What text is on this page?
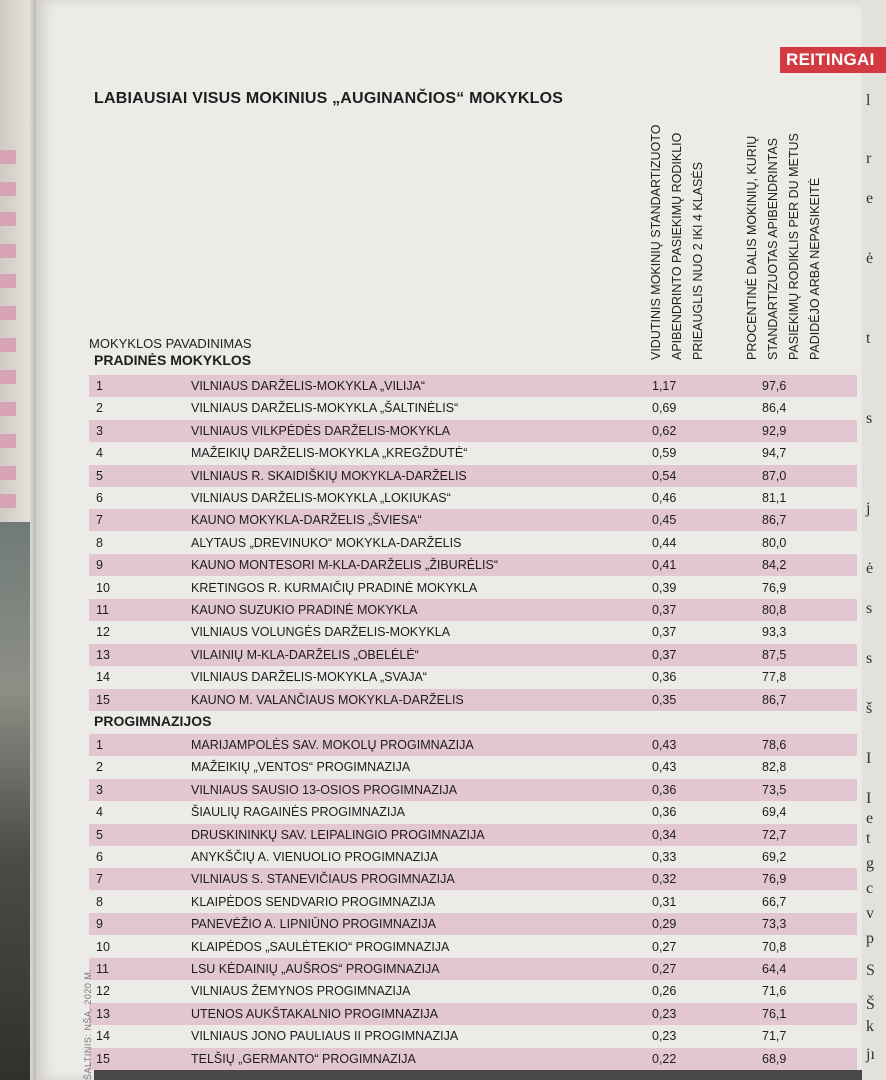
l
r
e
ė
t
s
j
ė
s
s
š
I
I
e
t
g
c
v
p
S
Š
k
jı
REITINGAI
LABIAUSIAI VISUS MOKINIUS „AUGINANČIOS“ MOKYKLOS
VIDUTINIS MOKINIŲ STANDARTIZUOTO APIBENDRINTO PASIEKIMŲ RODIKLIO PRIEAUGLIS NUO 2 IKI 4 KLASĖS	PROCENTINĖ DALIS MOKINIŲ, KURIŲ STANDARTIZUOTAS APIBENDRINTAS PASIEKIMŲ RODIKLIS PER DU METUS PADIDĖJO ARBA NEPASIKEITĖ
MOKYKLOS PAVADINIMAS
PRADINĖS MOKYKLOS
1	VILNIAUS DARŽELIS-MOKYKLA „VILIJA“	1,17	97,6
2	VILNIAUS DARŽELIS-MOKYKLA „ŠALTINĖLIS“	0,69	86,4
3	VILNIAUS VILKPĖDĖS DARŽELIS-MOKYKLA	0,62	92,9
4	MAŽEIKIŲ DARŽELIS-MOKYKLA „KREGŽDUTĖ“	0,59	94,7
5	VILNIAUS R. SKAIDIŠKIŲ MOKYKLA-DARŽELIS	0,54	87,0
6	VILNIAUS DARŽELIS-MOKYKLA „LOKIUKAS“	0,46	81,1
7	KAUNO MOKYKLA-DARŽELIS „ŠVIESA“	0,45	86,7
8	ALYTAUS „DREVINUKO“ MOKYKLA-DARŽELIS	0,44	80,0
9	KAUNO MONTESORI M-KLA-DARŽELIS „ŽIBURĖLIS“	0,41	84,2
10	KRETINGOS R. KURMAIČIŲ PRADINĖ MOKYKLA	0,39	76,9
11	KAUNO SUZUKIO PRADINĖ MOKYKLA	0,37	80,8
12	VILNIAUS VOLUNGĖS DARŽELIS-MOKYKLA	0,37	93,3
13	VILAINIŲ M-KLA-DARŽELIS „OBELĖLĖ“	0,37	87,5
14	VILNIAUS DARŽELIS-MOKYKLA „SVAJA“	0,36	77,8
15	KAUNO M. VALANČIAUS MOKYKLA-DARŽELIS	0,35	86,7
PROGIMNAZIJOS
1	MARIJAMPOLĖS SAV. MOKOLŲ PROGIMNAZIJA	0,43	78,6
2	MAŽEIKIŲ „VENTOS“ PROGIMNAZIJA	0,43	82,8
3	VILNIAUS SAUSIO 13-OSIOS PROGIMNAZIJA	0,36	73,5
4	ŠIAULIŲ RAGAINĖS PROGIMNAZIJA	0,36	69,4
5	DRUSKININKŲ SAV. LEIPALINGIO PROGIMNAZIJA	0,34	72,7
6	ANYKŠČIŲ A. VIENUOLIO PROGIMNAZIJA	0,33	69,2
7	VILNIAUS S. STANEVIČIAUS PROGIMNAZIJA	0,32	76,9
8	KLAIPĖDOS SENDVARIO PROGIMNAZIJA	0,31	66,7
9	PANEVĖŽIO A. LIPNIŪNO PROGIMNAZIJA	0,29	73,3
10	KLAIPĖDOS „SAULĖTEKIO“ PROGIMNAZIJA	0,27	70,8
11	LSU KĖDAINIŲ „AUŠROS“ PROGIMNAZIJA	0,27	64,4
12	VILNIAUS ŽEMYNOS PROGIMNAZIJA	0,26	71,6
13	UTENOS AUKŠTAKALNIO PROGIMNAZIJA	0,23	76,1
14	VILNIAUS JONO PAULIAUS II PROGIMNAZIJA	0,23	71,7
15	TELŠIŲ „GERMANTO“ PROGIMNAZIJA	0,22	68,9
ŠALTINIS: NŠA, 2020 M.
